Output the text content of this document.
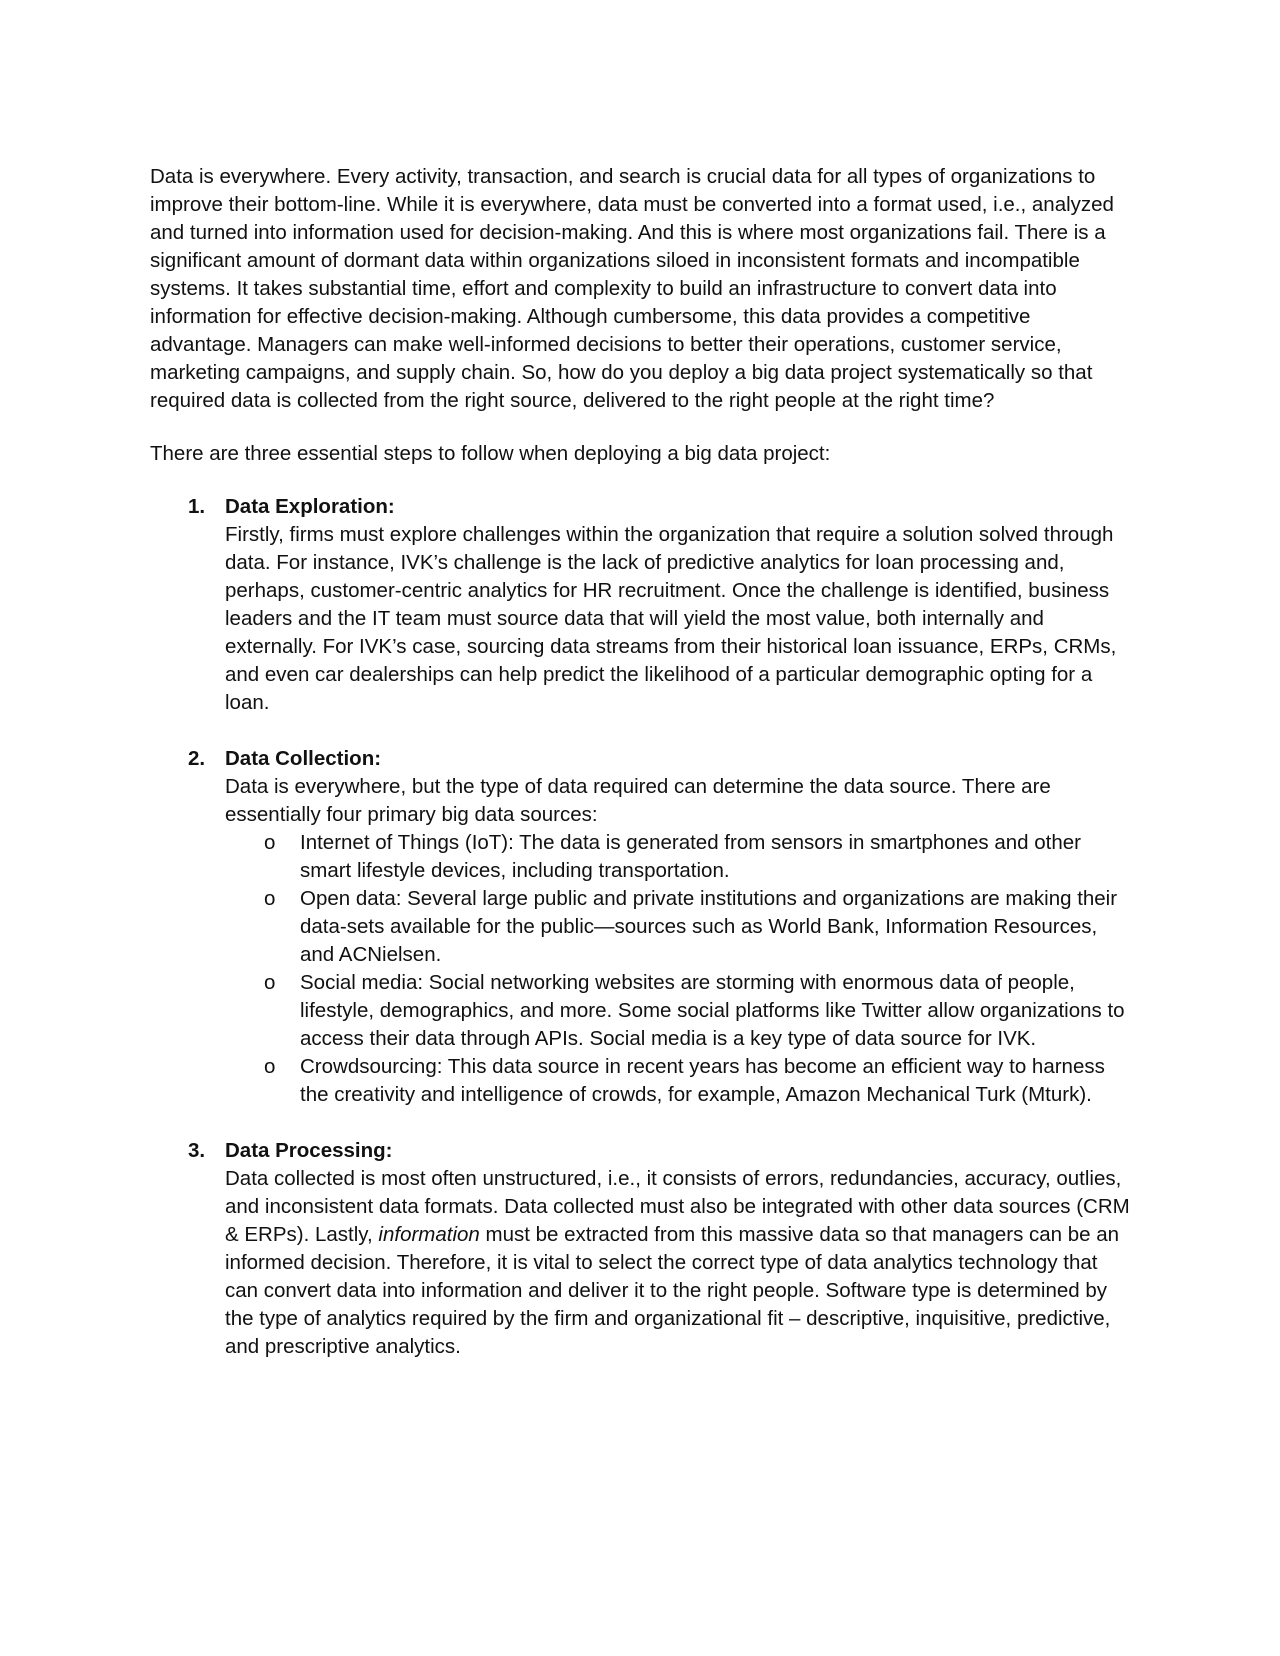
Data is everywhere. Every activity, transaction, and search is crucial data for all types of organizations to improve their bottom-line. While it is everywhere, data must be converted into a format used, i.e., analyzed and turned into information used for decision-making. And this is where most organizations fail. There is a significant amount of dormant data within organizations siloed in inconsistent formats and incompatible systems. It takes substantial time, effort and complexity to build an infrastructure to convert data into information for effective decision-making. Although cumbersome, this data provides a competitive advantage. Managers can make well-informed decisions to better their operations, customer service, marketing campaigns, and supply chain. So, how do you deploy a big data project systematically so that required data is collected from the right source, delivered to the right people at the right time?

There are three essential steps to follow when deploying a big data project:

1. Data Exploration:

Firstly, firms must explore challenges within the organization that require a solution solved through data. For instance, IVK’s challenge is the lack of predictive analytics for loan processing and, perhaps, customer-centric analytics for HR recruitment. Once the challenge is identified, business leaders and the IT team must source data that will yield the most value, both internally and externally. For IVK’s case, sourcing data streams from their historical loan issuance, ERPs, CRMs, and even car dealerships can help predict the likelihood of a particular demographic opting for a loan.

2. Data Collection:

Data is everywhere, but the type of data required can determine the data source. There are essentially four primary big data sources:

o Internet of Things (IoT): The data is generated from sensors in smartphones and other smart lifestyle devices, including transportation.
o Open data: Several large public and private institutions and organizations are making their data-sets available for the public—sources such as World Bank, Information Resources, and ACNielsen.
o Social media: Social networking websites are storming with enormous data of people, lifestyle, demographics, and more. Some social platforms like Twitter allow organizations to access their data through APIs. Social media is a key type of data source for IVK.
o Crowdsourcing: This data source in recent years has become an efficient way to harness the creativity and intelligence of crowds, for example, Amazon Mechanical Turk (Mturk).
3. Data Processing:

Data collected is most often unstructured, i.e., it consists of errors, redundancies, accuracy, outlies, and inconsistent data formats. Data collected must also be integrated with other data sources (CRM & ERPs). Lastly, information must be extracted from this massive data so that managers can be an informed decision. Therefore, it is vital to select the correct type of data analytics technology that can convert data into information and deliver it to the right people. Software type is determined by the type of analytics required by the firm and organizational fit – descriptive, inquisitive, predictive, and prescriptive analytics.
